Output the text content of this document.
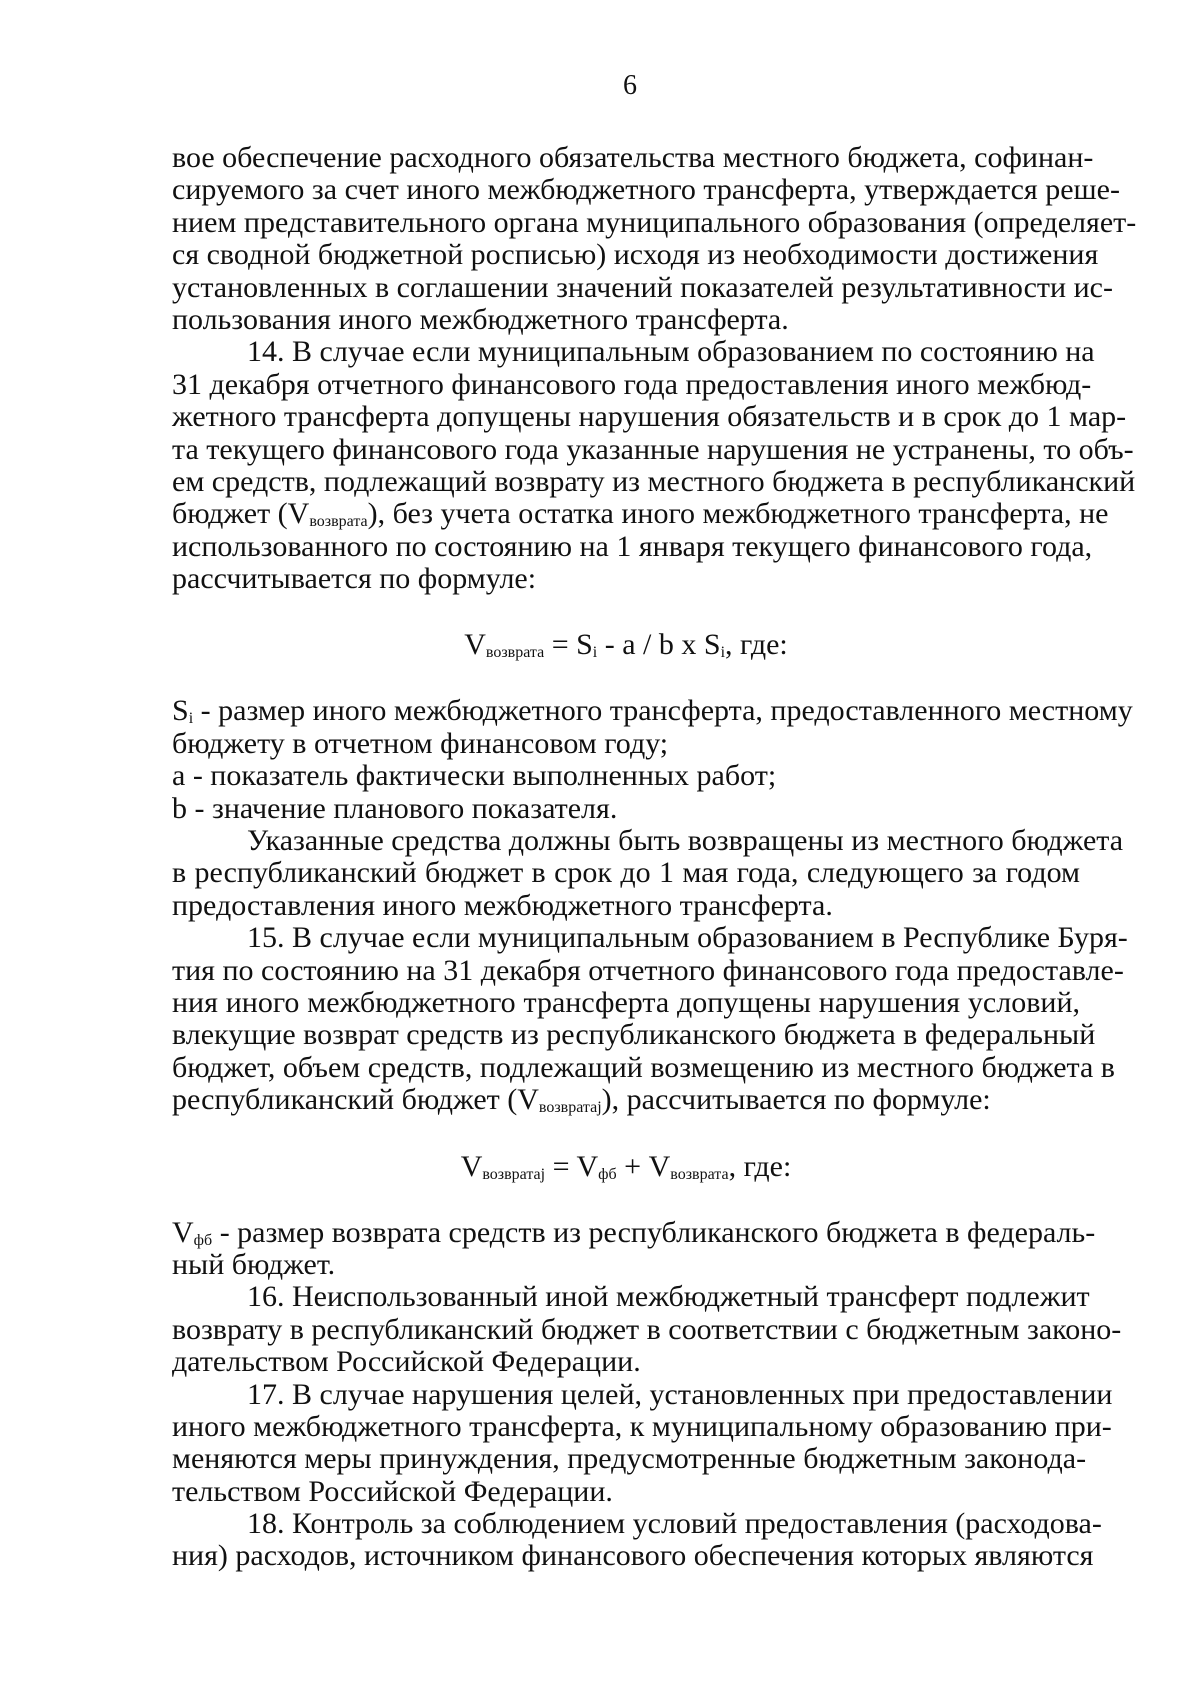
6
вое обеспечение расходного обязательства местного бюджета, софинан-
сируемого за счет иного межбюджетного трансферта, утверждается реше-
нием представительного органа муниципального образования (определяет-
ся сводной бюджетной росписью) исходя из необходимости достижения
установленных в соглашении значений показателей результативности ис-
пользования иного межбюджетного трансферта.
14. В случае если муниципальным образованием по состоянию на
31 декабря отчетного финансового года предоставления иного межбюд-
жетного трансферта допущены нарушения обязательств и в срок до 1 мар-
та текущего финансового года указанные нарушения не устранены, то объ-
ем средств, подлежащий возврату из местного бюджета в республиканский
бюджет (Vвозврата), без учета остатка иного межбюджетного трансферта, не
использованного по состоянию на 1 января текущего финансового года,
рассчитывается по формуле:
Vвозврата = Si - a / b x Si, где:
Si - размер иного межбюджетного трансферта, предоставленного местному
бюджету в отчетном финансовом году;
а - показатель фактически выполненных работ;
b - значение планового показателя.
Указанные средства должны быть возвращены из местного бюджета
в республиканский бюджет в срок до 1 мая года, следующего за годом
предоставления иного межбюджетного трансферта.
15. В случае если муниципальным образованием в Республике Буря-
тия по состоянию на 31 декабря отчетного финансового года предоставле-
ния иного межбюджетного трансферта допущены нарушения условий,
влекущие возврат средств из республиканского бюджета в федеральный
бюджет, объем средств, подлежащий возмещению из местного бюджета в
республиканский бюджет (Vвозвратаj), рассчитывается по формуле:
Vвозвратаj = Vфб + Vвозврата, где:
Vфб - размер возврата средств из республиканского бюджета в федераль-
ный бюджет.
16. Неиспользованный иной межбюджетный трансферт подлежит
возврату в республиканский бюджет в соответствии с бюджетным законо-
дательством Российской Федерации.
17. В случае нарушения целей, установленных при предоставлении
иного межбюджетного трансферта, к муниципальному образованию при-
меняются меры принуждения, предусмотренные бюджетным законода-
тельством Российской Федерации.
18. Контроль за соблюдением условий предоставления (расходова-
ния) расходов, источником финансового обеспечения которых являются
